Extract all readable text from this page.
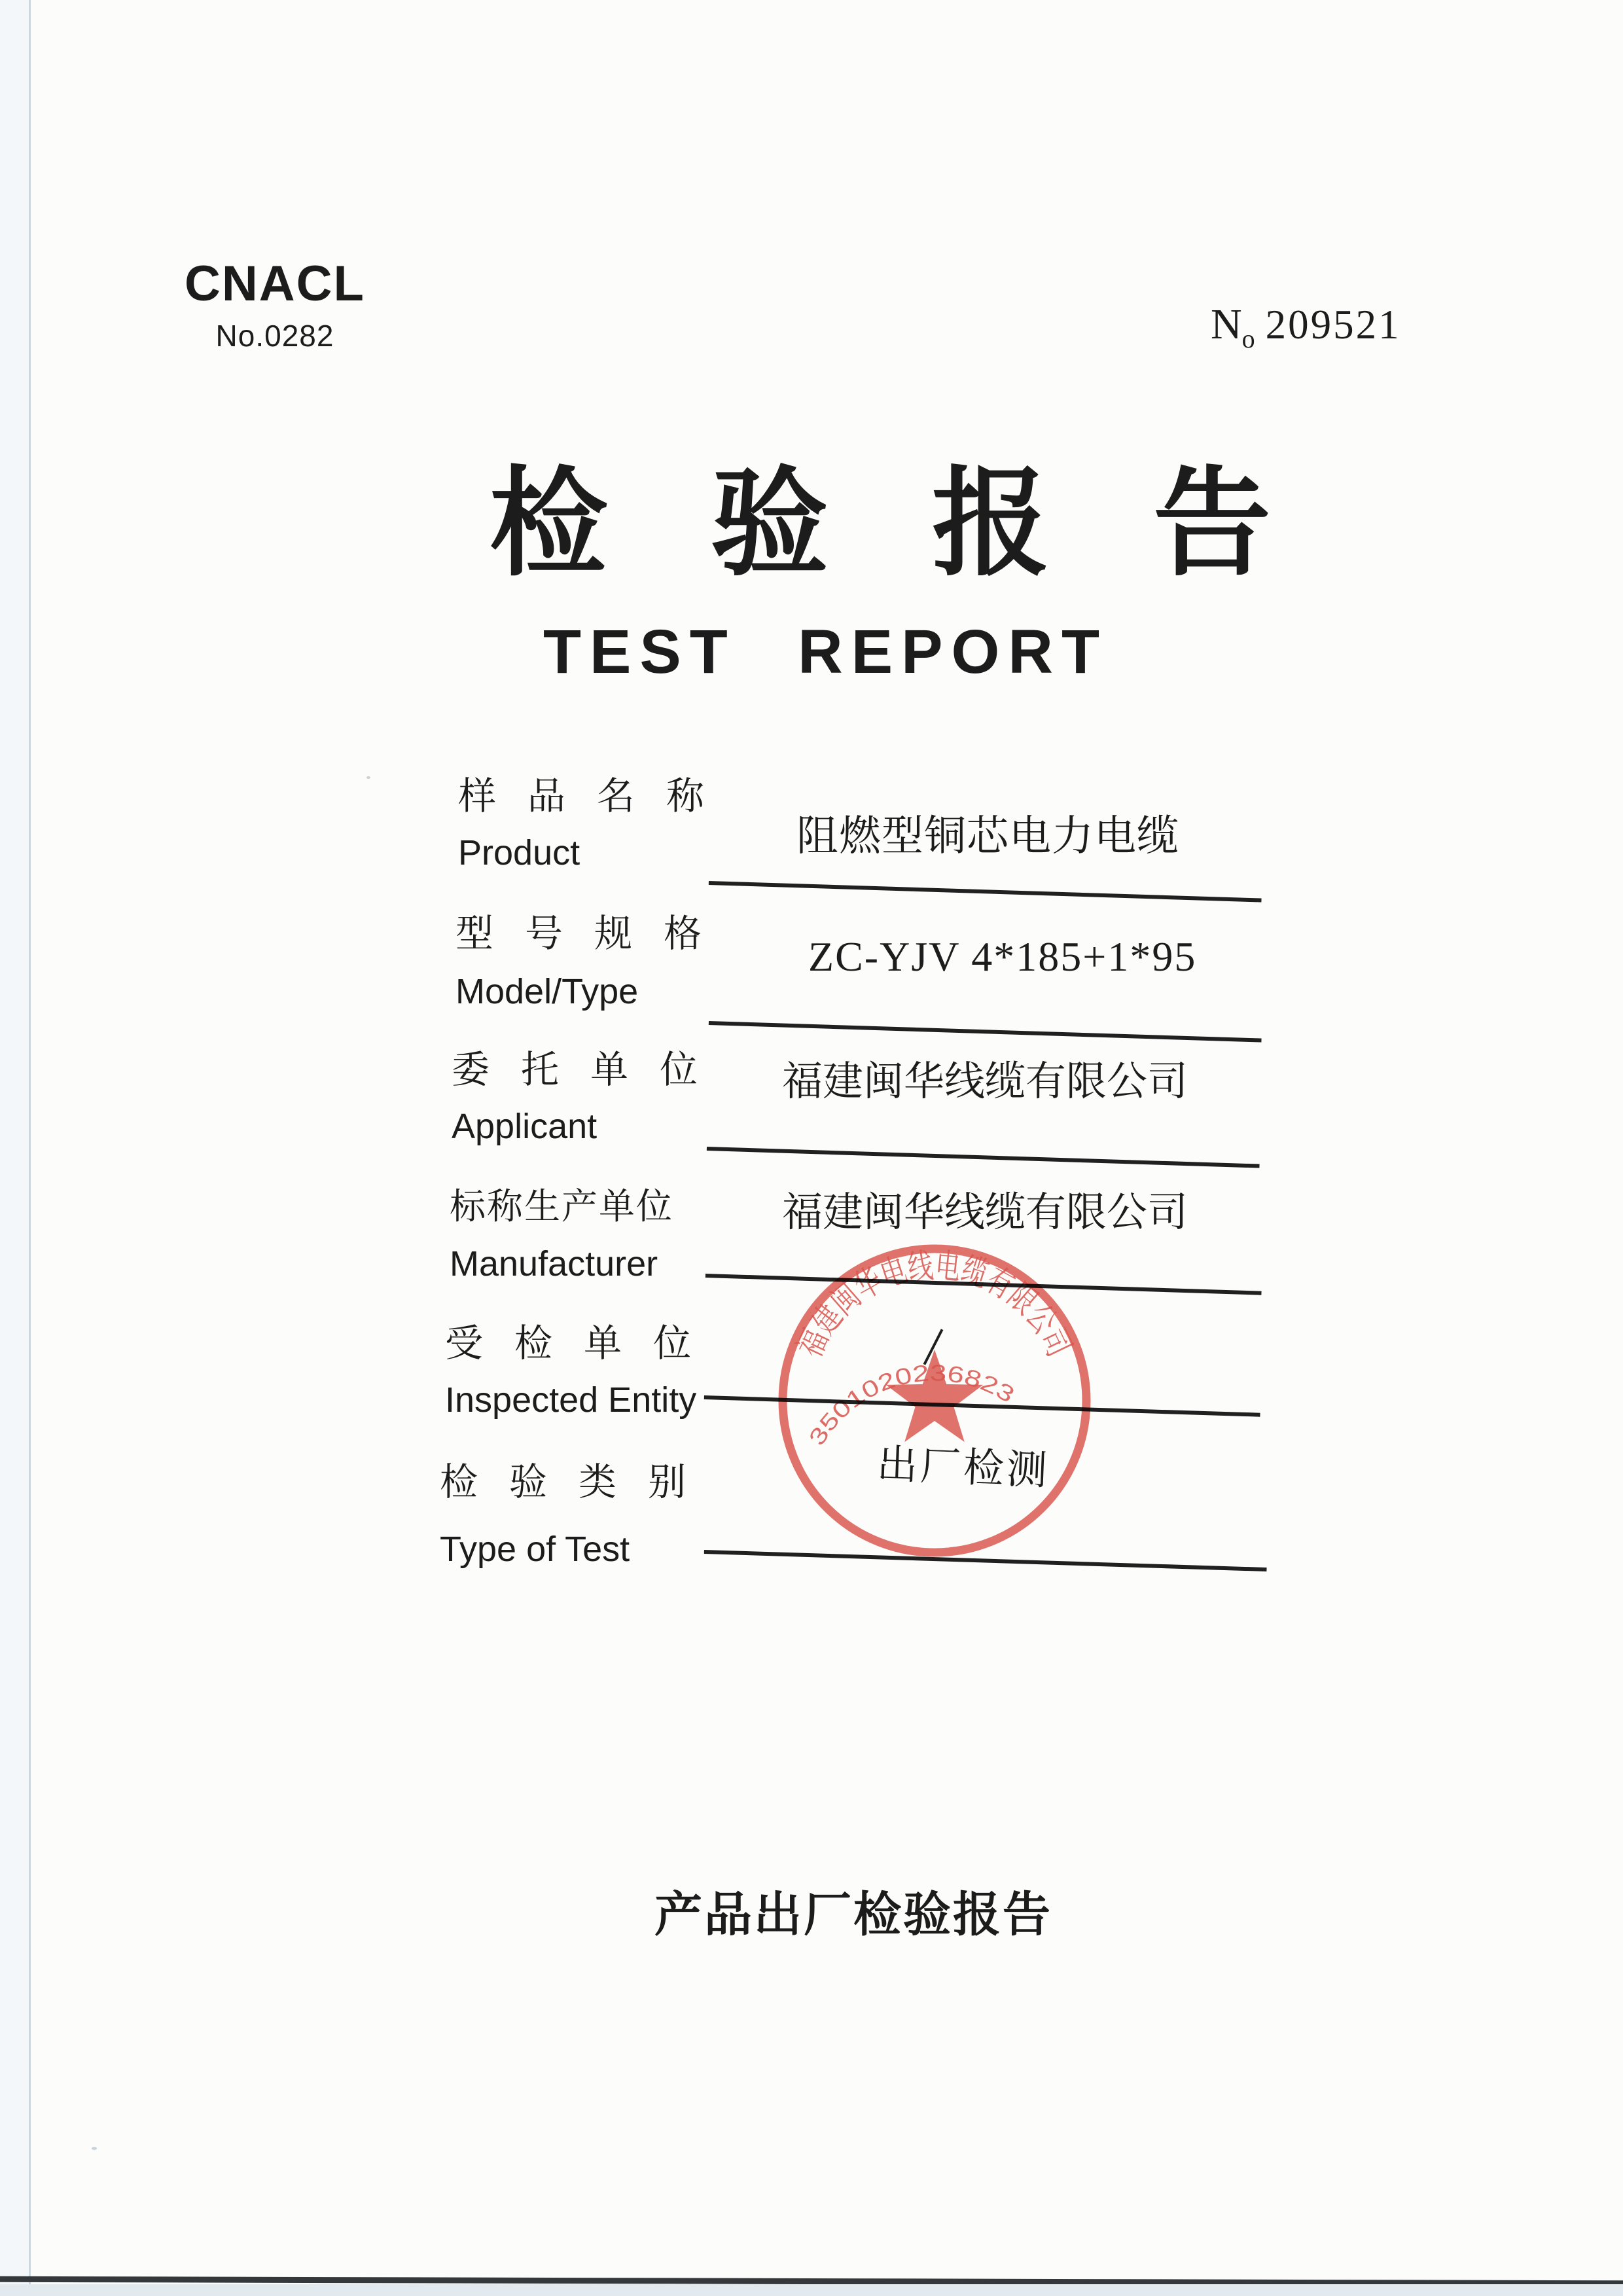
CNACL
No.0282	N o 209521
检验报告
TEST REPORT
样品名称
Product	阻燃型铜芯电力电缆
型号规格
Model/Type
ZC-YJV 4*185+1*95
委托单位
Applicant
福建闽华线缆有限公司
标称生产单位
Manufacturer
福建闽华线缆有限公司
受检单位
Inspected Entity
检验类别
Type of Test
出厂检测
福建闽华电线电缆有限公司
3501020236823
产品出厂检验报告
